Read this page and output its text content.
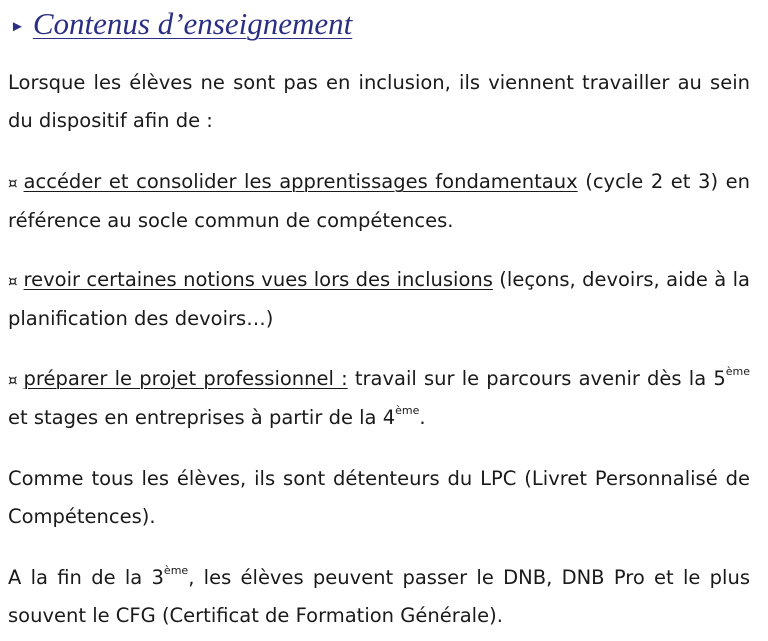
► Contenus d’enseignement

Lorsque les élèves ne sont pas en inclusion, ils viennent travailler au sein du dispositif afin de :

¤ accéder et consolider les apprentissages fondamentaux (cycle 2 et 3) en référence au socle commun de compétences.

¤ revoir certaines notions vues lors des inclusions (leçons, devoirs, aide à la planification des devoirs…)

¤ préparer le projet professionnel : travail sur le parcours avenir dès la 5ème et stages en entreprises à partir de la 4ème.

Comme tous les élèves, ils sont détenteurs du LPC (Livret Personnalisé de Compétences).

A la fin de la 3ème, les élèves peuvent passer le DNB, DNB Pro et le plus souvent le CFG (Certificat de Formation Générale).
